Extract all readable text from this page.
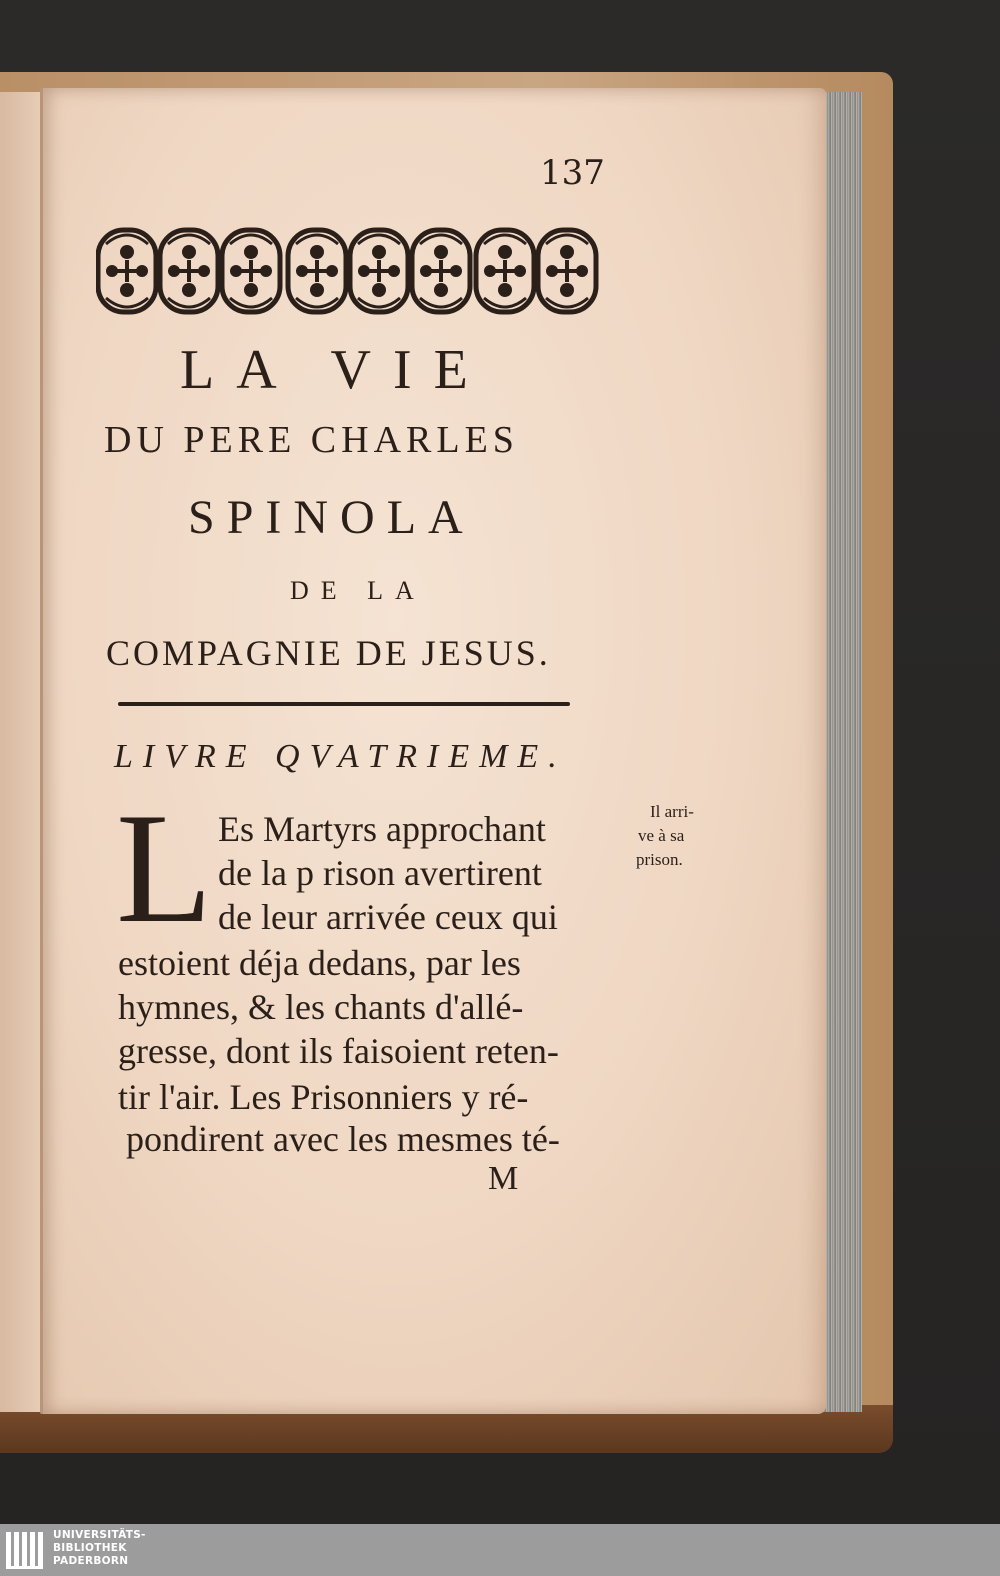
137
LA VIE
DU PERE CHARLES
SPINOLA
DE LA
COMPAGNIE DE JESUS.
LIVRE QVATRIEME.
L Es Martyrs approchant
de la p rison avertirent
de leur arrivée ceux qui
estoient déja dedans, par les
hymnes, & les chants d'allé-
gresse, dont ils faisoient reten-
tir l'air. Les Prisonniers y ré-
pondirent avec les mesmes té-
Il arri-
ve à sa
prison.
M
UNIVERSITÄTS-
BIBLIOTHEK
PADERBORN
